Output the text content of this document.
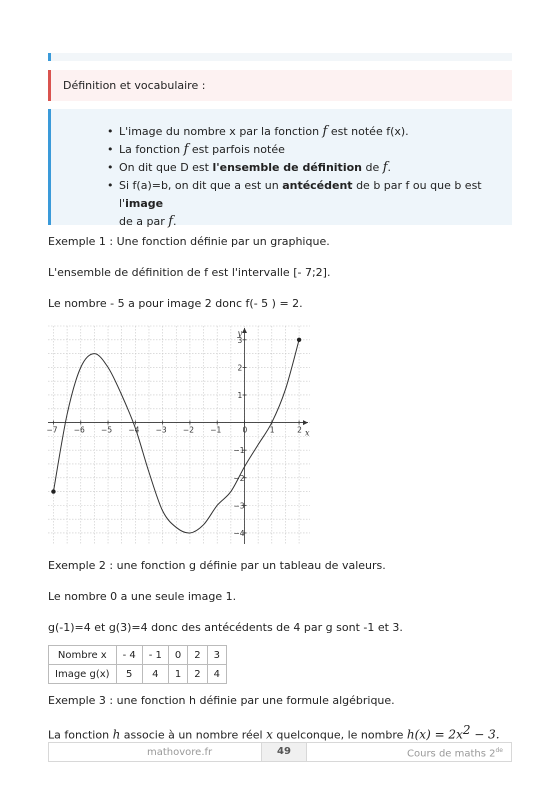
Définition et vocabulaire :
• L'image du nombre x par la fonction f est notée f(x).
• La fonction f est parfois notée
• On dit que D est l'ensemble de définition de f.
• Si f(a)=b, on dit que a est un antécédent de b par f ou que b est l'image
de a par f.
Exemple 1 : Une fonction définie par un graphique.
L'ensemble de définition de f est l'intervalle [- 7;2].
Le nombre - 5 a pour image 2 donc f(- 5 ) = 2.
x
y
−7 −6 −5 −4 −3 −2 −1	0	1	2
3
2
1
−1
−2
−3
−4
Exemple 2 : une fonction g définie par un tableau de valeurs.
Le nombre 0 a une seule image 1.
g(-1)=4 et g(3)=4 donc des antécédents de 4 par g sont -1 et 3.
Nombre x	- 4	- 1	0	2	3
Image g(x)	5	4	1	2	4
Exemple 3 : une fonction h définie par une formule algébrique.
La fonction h associe à un nombre réel x quelconque, le nombre $h(x) = 2x^2 - 3$.
mathovore.fr	49	Cours de maths 2de
